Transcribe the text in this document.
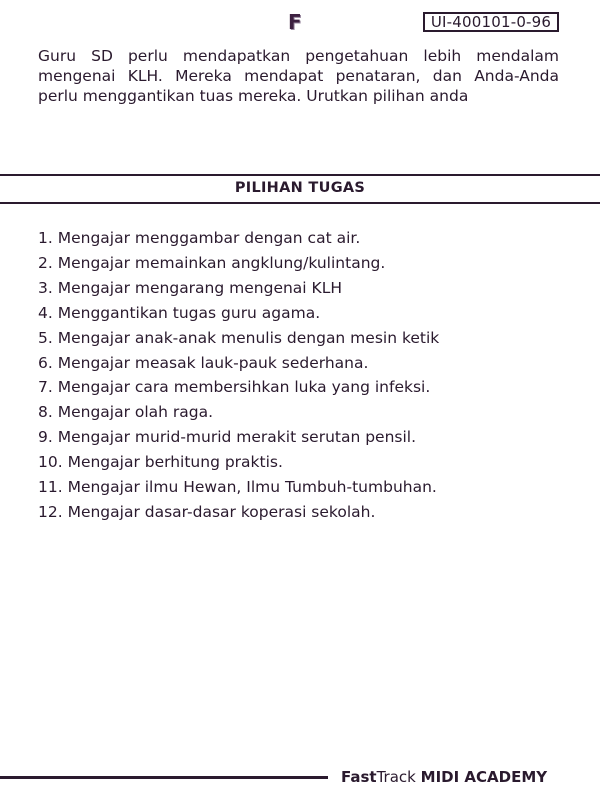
F	UI-400101-0-96
Guru SD perlu mendapatkan pengetahuan lebih mendalam mengenai KLH. Mereka mendapat penataran, dan Anda-Anda perlu menggantikan tuas mereka. Urutkan pilihan anda
PILIHAN TUGAS
1. Mengajar menggambar dengan cat air.
2. Mengajar memainkan angklung/kulintang.
3. Mengajar mengarang mengenai KLH
4. Menggantikan tugas guru agama.
5. Mengajar anak-anak menulis dengan mesin ketik
6. Mengajar measak lauk-pauk sederhana.
7. Mengajar cara membersihkan luka yang infeksi.
8. Mengajar olah raga.
9. Mengajar murid-murid merakit serutan pensil.
10. Mengajar berhitung praktis.
11. Mengajar ilmu Hewan, Ilmu Tumbuh-tumbuhan.
12. Mengajar dasar-dasar koperasi sekolah.
FastTrack MIDI ACADEMY
